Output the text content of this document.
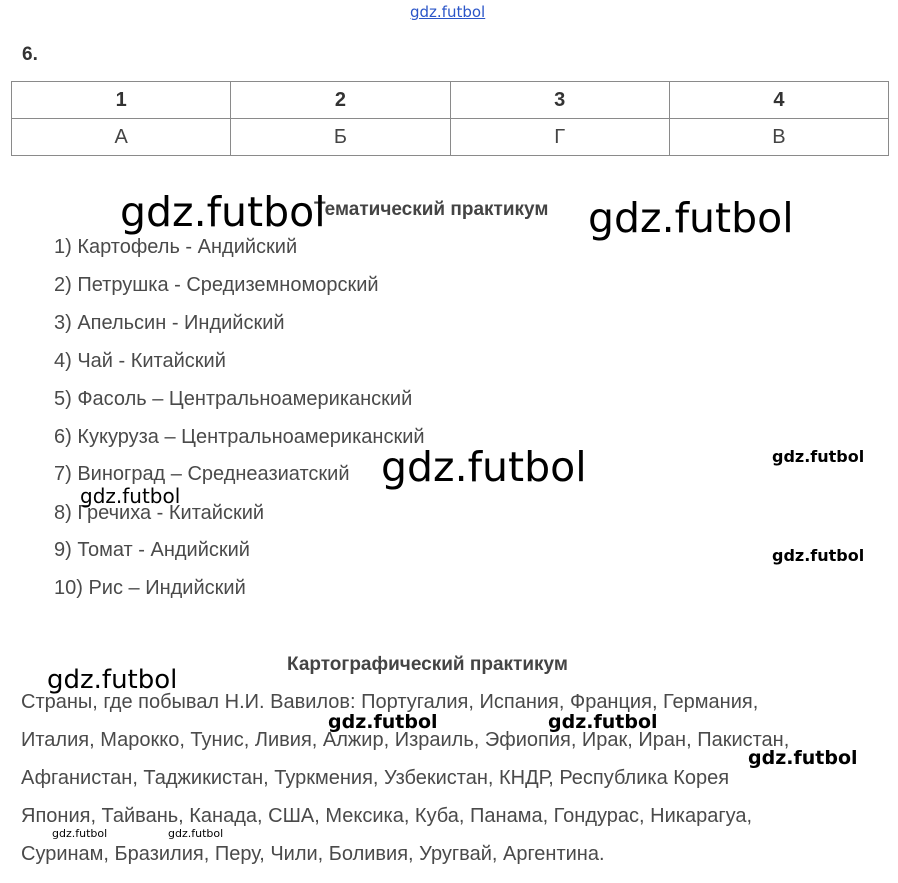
gdz.futbol
6.
1	2	3	4
А	Б	Г	В
Тематический практикум
1) Картофель - Андийский
2) Петрушка - Средиземноморский
3) Апельсин - Индийский
4) Чай - Китайский
5) Фасоль – Центральноамериканский
6) Кукуруза – Центральноамериканский
7) Виноград – Среднеазиатский
8) Гречиха - Китайский
9) Томат - Андийский
10) Рис – Индийский
Картографический практикум
Страны, где побывал Н.И. Вавилов: Португалия, Испания, Франция, Германия,
Италия, Марокко, Тунис, Ливия, Алжир, Израиль, Эфиопия, Ирак, Иран, Пакистан,
Афганистан, Таджикистан, Туркмения, Узбекистан, КНДР, Республика Корея
Япония, Тайвань, Канада, США, Мексика, Куба, Панама, Гондурас, Никарагуа,
Суринам, Бразилия, Перу, Чили, Боливия, Уругвай, Аргентина.
gdz.futbol	gdz.futbol
gdz.futbol	gdz.futbol
gdz.futbol
gdz.futbol
gdz.futbol
gdz.futbol	gdz.futbol
gdz.futbol
gdz.futbol	gdz.futbol
